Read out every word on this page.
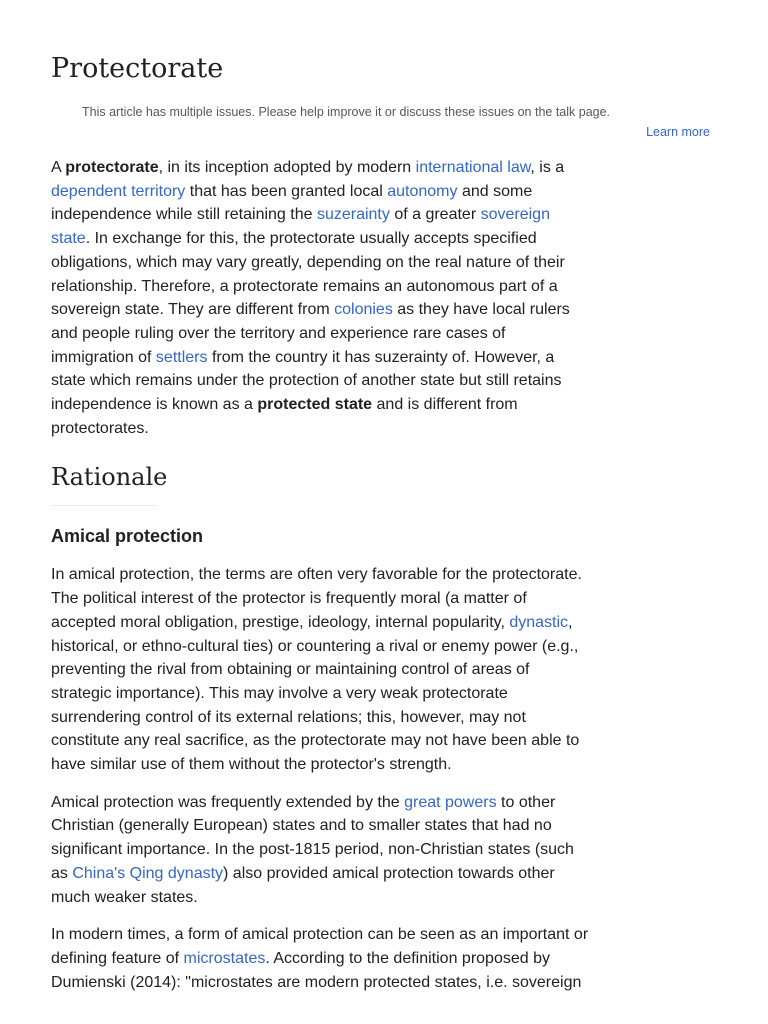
Protectorate
This article has multiple issues. Please help improve it or discuss these issues on the talk page.
Learn more

A protectorate, in its inception adopted by modern international law, is a dependent territory that has been granted local autonomy and some independence while still retaining the suzerainty of a greater sovereign state. In exchange for this, the protectorate usually accepts specified obligations, which may vary greatly, depending on the real nature of their relationship. Therefore, a protectorate remains an autonomous part of a sovereign state. They are different from colonies as they have local rulers and people ruling over the territory and experience rare cases of immigration of settlers from the country it has suzerainty of. However, a state which remains under the protection of another state but still retains independence is known as a protected state and is different from protectorates.

Rationale
Amical protection

In amical protection, the terms are often very favorable for the protectorate. The political interest of the protector is frequently moral (a matter of accepted moral obligation, prestige, ideology, internal popularity, dynastic, historical, or ethno-cultural ties) or countering a rival or enemy power (e.g., preventing the rival from obtaining or maintaining control of areas of strategic importance). This may involve a very weak protectorate surrendering control of its external relations; this, however, may not constitute any real sacrifice, as the protectorate may not have been able to have similar use of them without the protector's strength.

Amical protection was frequently extended by the great powers to other Christian (generally European) states and to smaller states that had no significant importance. In the post-1815 period, non-Christian states (such as China's Qing dynasty) also provided amical protection towards other much weaker states.

In modern times, a form of amical protection can be seen as an important or defining feature of microstates. According to the definition proposed by Dumienski (2014): "microstates are modern protected states, i.e. sovereign
